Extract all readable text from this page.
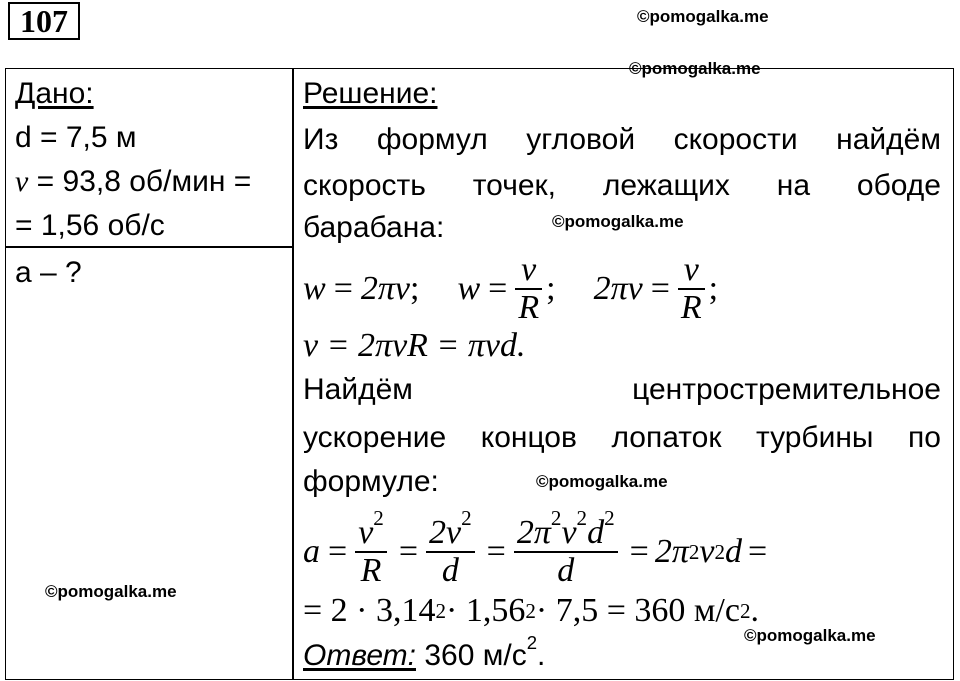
107	©pomogalka.me
©pomogalka.me
©pomogalka.me
©pomogalka.me
©pomogalka.me
©pomogalka.me
Дано:
d = 7,5 м
ν = 93,8 об/мин =
= 1,56 об/с
a – ?
Решение:
Из формул угловой скорости найдём
скорость точек, лежащих на ободе
барабана:
w = 2πν ; $w = \frac{v}{R}$ ; $2\pi\nu = \frac{v}{R}$ ;
v = 2πνR = πνd.
Найдём	центростремительное
ускорение концов лопаток турбины по
формуле:
$a = \frac{v^2}{R} = \frac{2v^2}{d} = \frac{2\pi^2\nu^2d^2}{d} = 2\pi$ 2 ν 2 d =
= 2 · 3,14 2 · 1,56 2 · 7,5 = 360 м/с 2 .
Ответ: 360 $м/с^2$.
